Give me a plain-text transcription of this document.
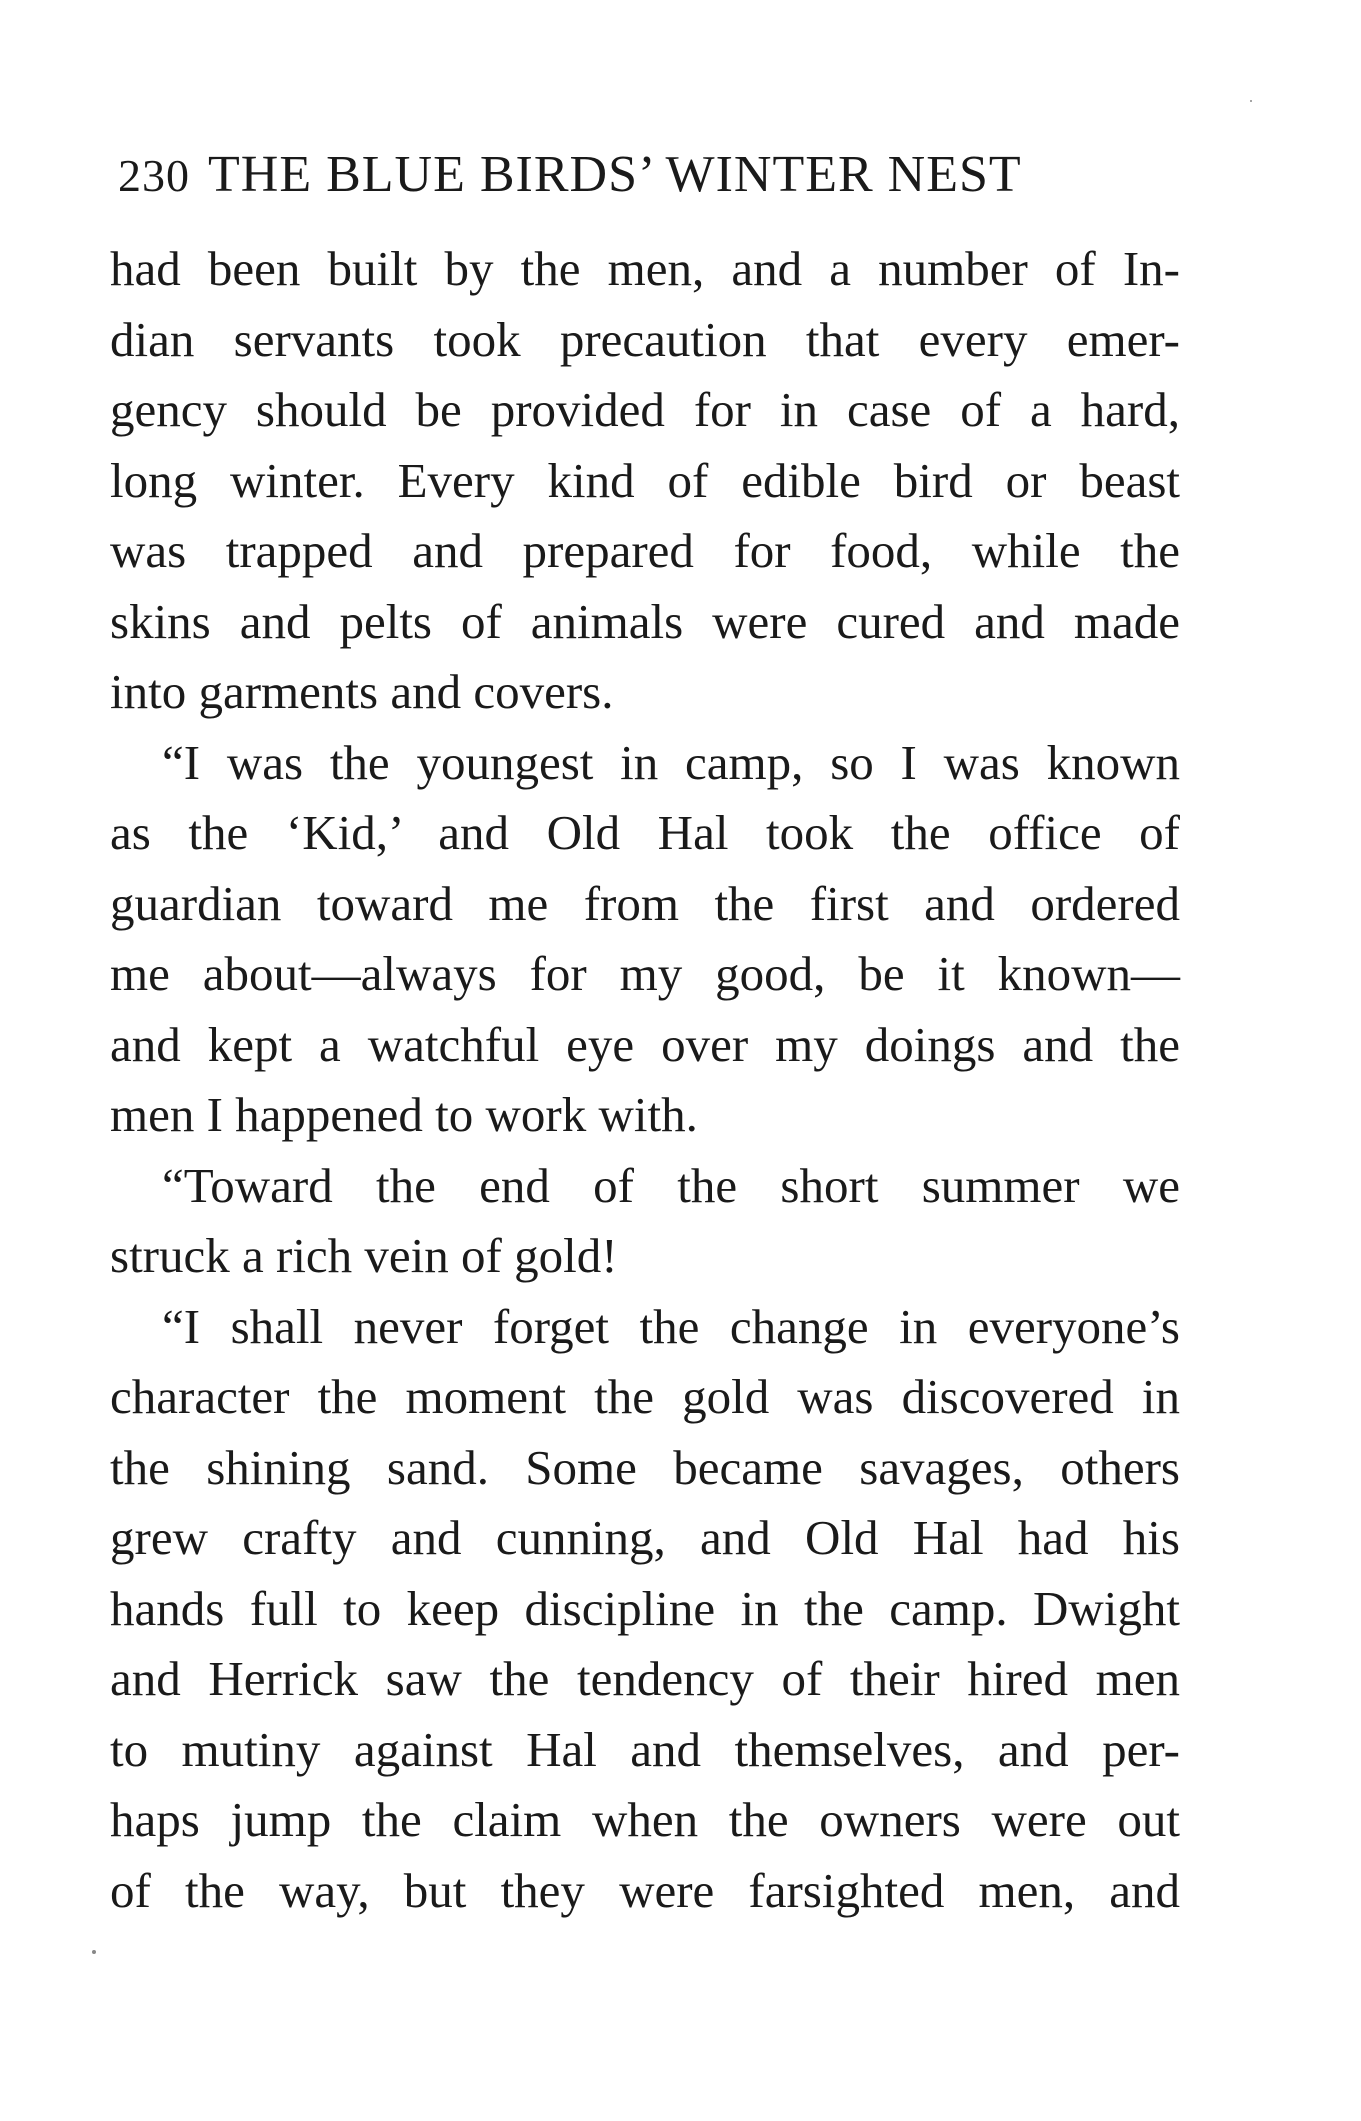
230 THE BLUE BIRDS’ WINTER NEST
had been built by the men, and a number of In-
dian servants took precaution that every emer-
gency should be provided for in case of a hard,
long winter. Every kind of edible bird or beast
was trapped and prepared for food, while the
skins and pelts of animals were cured and made
into garments and covers.
“I was the youngest in camp, so I was known
as the ‘Kid,’ and Old Hal took the office of
guardian toward me from the first and ordered
me about—always for my good, be it known—
and kept a watchful eye over my doings and the
men I happened to work with.
“Toward the end of the short summer we
struck a rich vein of gold!
“I shall never forget the change in everyone’s
character the moment the gold was discovered in
the shining sand. Some became savages, others
grew crafty and cunning, and Old Hal had his
hands full to keep discipline in the camp. Dwight
and Herrick saw the tendency of their hired men
to mutiny against Hal and themselves, and per-
haps jump the claim when the owners were out
of the way, but they were farsighted men, and
